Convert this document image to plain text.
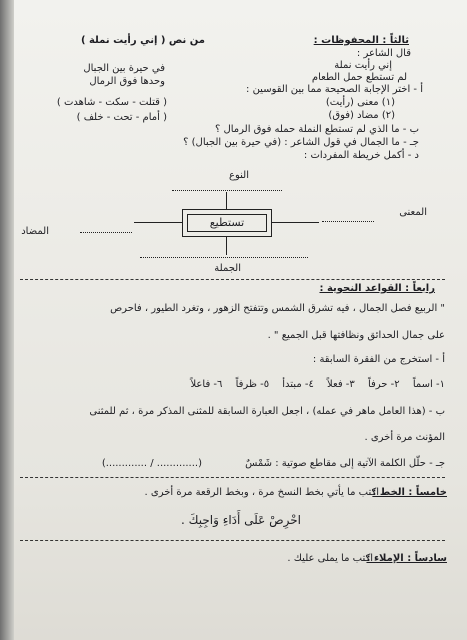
ثالثاً : المحفوظات :
من نص ( إني رأيت نملة )
قال الشاعر :
إني رأيت نملة
في حيرة بين الجبال
لم تستطع حمل الطعام
وحدها فوق الرمال
أ - اختر الإجابة الصحيحة مما بين القوسين :
(١) معنى (رأيت)
( قتلت - سكت - شاهدت )
(٢) مضاد (فوق)
( أمام - تحت - خلف )
ب - ما الذي لم تستطع النملة حمله فوق الرمال ؟
جـ - ما الجمال في قول الشاعر : (في حيرة بين الجبال) ؟
د - أكمل خريطة المفردات :
النوع
المعنى
تستطيع
المضاد
الجملة
رابعاً : القواعد النحوية :
" الربيع فصل الجمال ، فيه تشرق الشمس وتتفتح الزهور ، وتغرد الطيور ، فاحرص
على جمال الحدائق ونظافتها قبل الجميع " .
أ - استخرج من الفقرة السابقة :
١- اسماً ٢- حرفاً ٣- فعلاً ٤- مبتدأ ٥- ظرفاً ٦- فاعلاً
ب - (هذا العامل ماهر في عمله) ، اجعل العبارة السابقة للمثنى المذكر مرة ، ثم للمثنى
المؤنث مرة أخرى .
جـ - حلّل الكلمة الآتية إلى مقاطع صوتية : شَمْسٌ
(............. / .............)
خامساً : الخط :
اكتب ما يأتي بخط النسخ مرة ، وبخط الرقعة مرة أخرى .
احْرِصْ عَلَى أَدَاءِ وَاجِبِكَ .
سادساً : الإملاء :
اكتب ما يملى عليك .
